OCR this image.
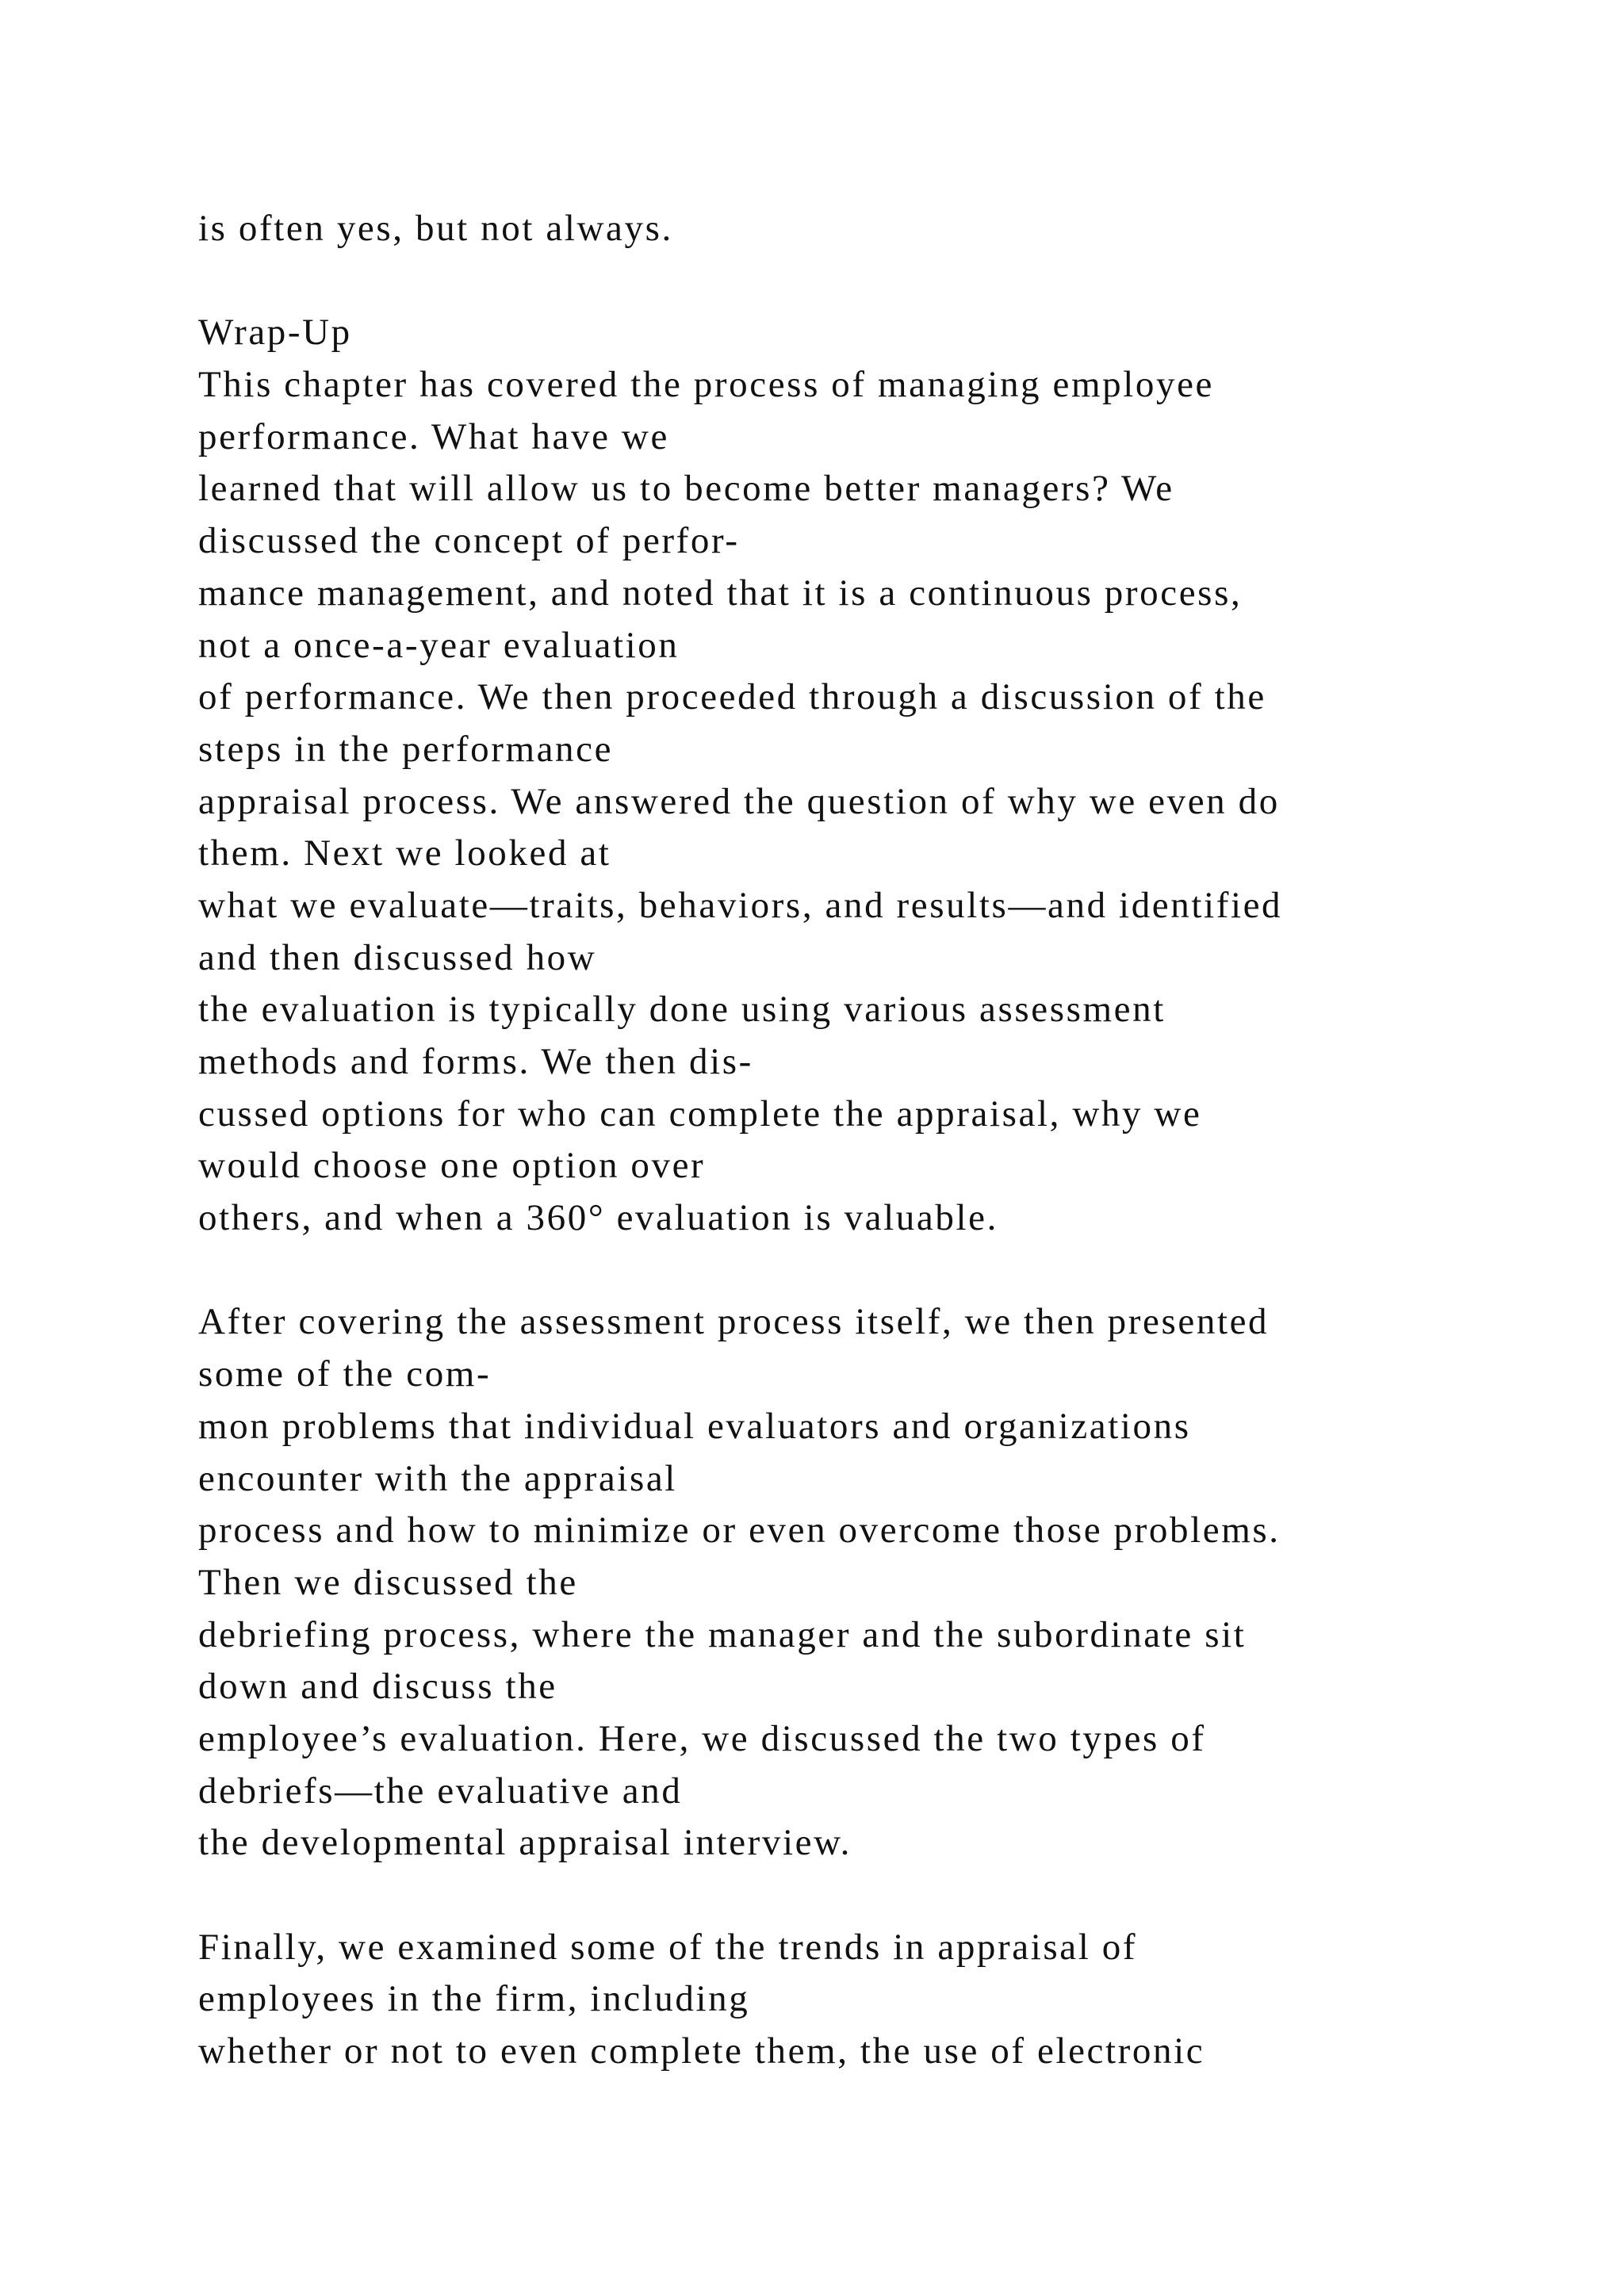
is often yes, but not always.
Wrap-Up
This chapter has covered the process of managing employee
performance. What have we
learned that will allow us to become better managers? We
discussed the concept of perfor-
mance management, and noted that it is a continuous process,
not a once-a-year evaluation
of performance. We then proceeded through a discussion of the
steps in the performance
appraisal process. We answered the question of why we even do
them. Next we looked at
what we evaluate—traits, behaviors, and results—and identified
and then discussed how
the evaluation is typically done using various assessment
methods and forms. We then dis-
cussed options for who can complete the appraisal, why we
would choose one option over
others, and when a 360° evaluation is valuable.
After covering the assessment process itself, we then presented
some of the com-
mon problems that individual evaluators and organizations
encounter with the appraisal
process and how to minimize or even overcome those problems.
Then we discussed the
debriefing process, where the manager and the subordinate sit
down and discuss the
employee’s evaluation. Here, we discussed the two types of
debriefs—the evaluative and
the developmental appraisal interview.
Finally, we examined some of the trends in appraisal of
employees in the firm, including
whether or not to even complete them, the use of electronic
